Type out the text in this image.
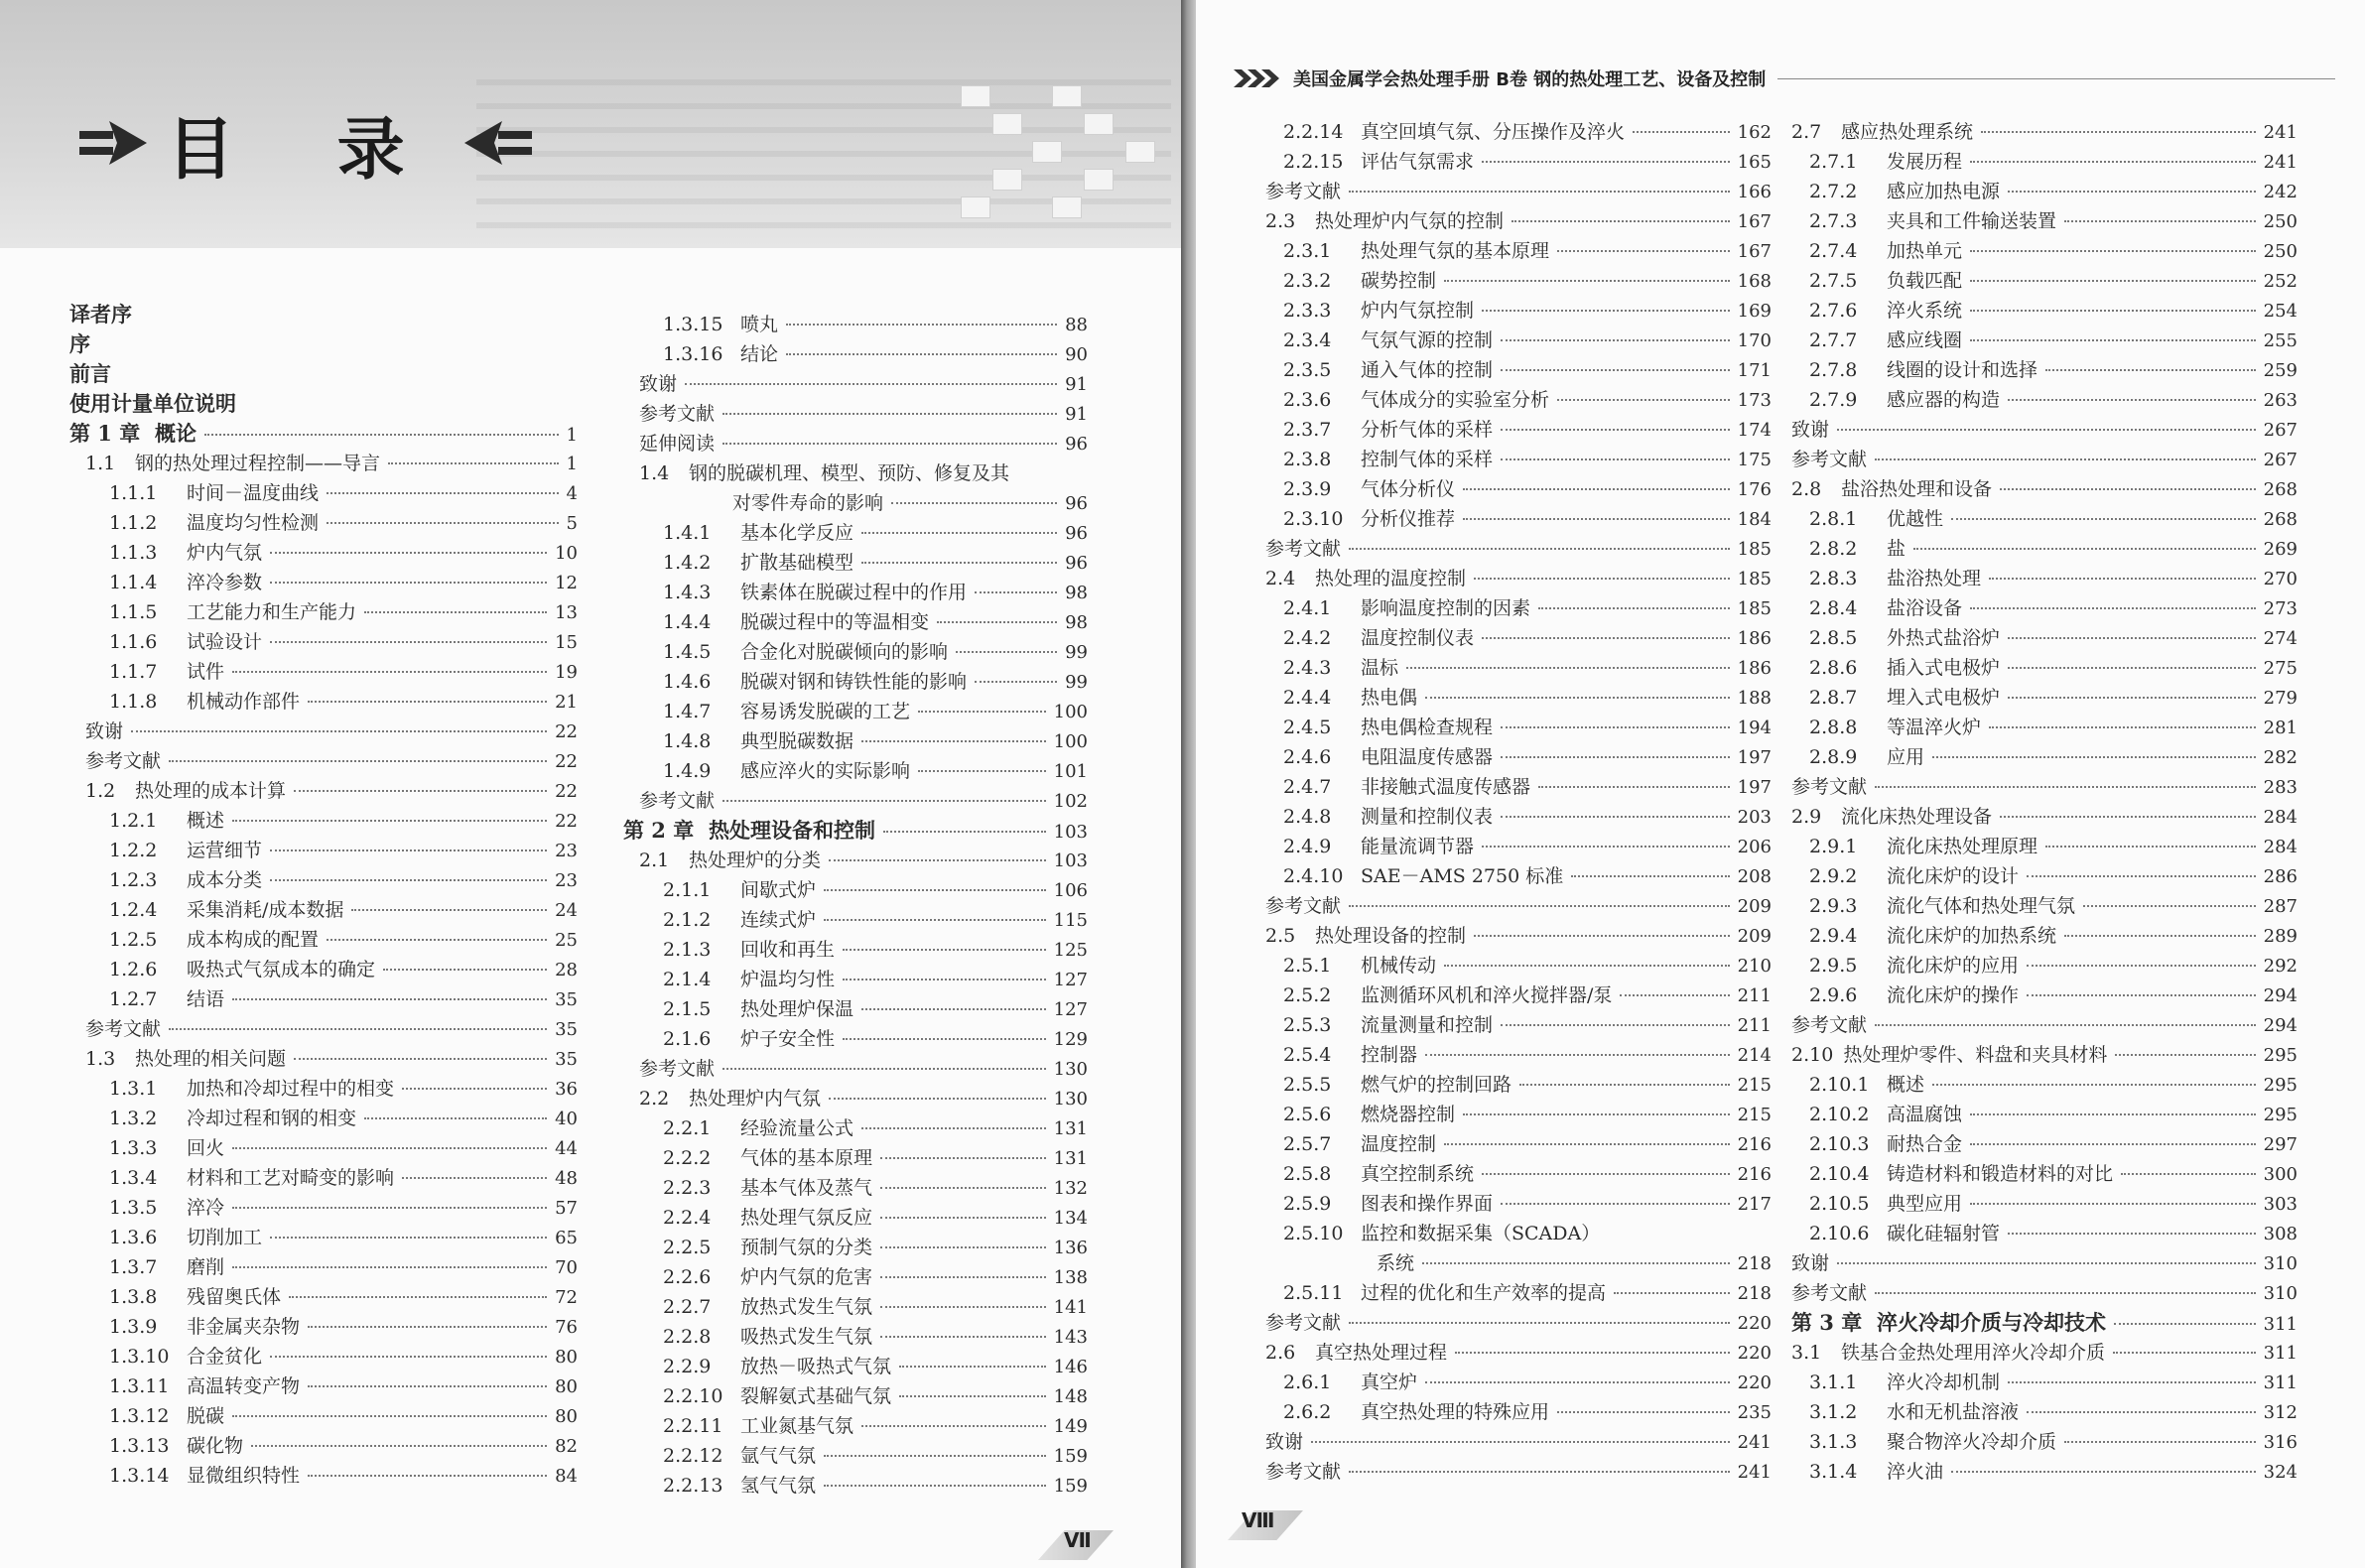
目 录
译者序
序
前言
使用计量单位说明
第 1 章 概论	1
1.1	钢的热处理过程控制——导言	1
1.1.1	时间－温度曲线	4
1.1.2	温度均匀性检测	5
1.1.3	炉内气氛	10
1.1.4	淬冷参数	12
1.1.5	工艺能力和生产能力	13
1.1.6	试验设计	15
1.1.7	试件	19
1.1.8	机械动作部件	21
致谢	22
参考文献	22
1.2	热处理的成本计算	22
1.2.1	概述	22
1.2.2	运营细节	23
1.2.3	成本分类	23
1.2.4	采集消耗/成本数据	24
1.2.5	成本构成的配置	25
1.2.6	吸热式气氛成本的确定	28
1.2.7	结语	35
参考文献	35
1.3	热处理的相关问题	35
1.3.1	加热和冷却过程中的相变	36
1.3.2	冷却过程和钢的相变	40
1.3.3	回火	44
1.3.4	材料和工艺对畸变的影响	48
1.3.5	淬冷	57
1.3.6	切削加工	65
1.3.7	磨削	70
1.3.8	残留奥氏体	72
1.3.9	非金属夹杂物	76
1.3.10 合金贫化	80
1.3.11 高温转变产物	80
1.3.12 脱碳	80
1.3.13 碳化物	82
1.3.14 显微组织特性	84
1.3.15 喷丸	88
1.3.16 结论	90
致谢	91
参考文献	91
延伸阅读	96
1.4	钢的脱碳机理、模型、预防、修复及其
对零件寿命的影响	96
1.4.1	基本化学反应	96
1.4.2	扩散基础模型	96
1.4.3	铁素体在脱碳过程中的作用	98
1.4.4	脱碳过程中的等温相变	98
1.4.5	合金化对脱碳倾向的影响	99
1.4.6	脱碳对钢和铸铁性能的影响	99
1.4.7	容易诱发脱碳的工艺	100
1.4.8	典型脱碳数据	100
1.4.9	感应淬火的实际影响	101
参考文献	102
第 2 章 热处理设备和控制	103
2.1	热处理炉的分类	103
2.1.1	间歇式炉	106
2.1.2	连续式炉	115
2.1.3	回收和再生	125
2.1.4	炉温均匀性	127
2.1.5	热处理炉保温	127
2.1.6	炉子安全性	129
参考文献	130
2.2	热处理炉内气氛	130
2.2.1	经验流量公式	131
2.2.2	气体的基本原理	131
2.2.3	基本气体及蒸气	132
2.2.4	热处理气氛反应	134
2.2.5	预制气氛的分类	136
2.2.6	炉内气氛的危害	138
2.2.7	放热式发生气氛	141
2.2.8	吸热式发生气氛	143
2.2.9	放热－吸热式气氛	146
2.2.10 裂解氨式基础气氛	148
2.2.11 工业氮基气氛	149
2.2.12 氩气气氛	159
2.2.13 氢气气氛	159
Ⅶ
美国金属学会热处理手册 B卷 钢的热处理工艺、设备及控制
2.2.14 真空回填气氛、分压操作及淬火	162
2.2.15 评估气氛需求	165
参考文献	166
2.3	热处理炉内气氛的控制	167
2.3.1	热处理气氛的基本原理	167
2.3.2	碳势控制	168
2.3.3	炉内气氛控制	169
2.3.4	气氛气源的控制	170
2.3.5	通入气体的控制	171
2.3.6	气体成分的实验室分析	173
2.3.7	分析气体的采样	174
2.3.8	控制气体的采样	175
2.3.9	气体分析仪	176
2.3.10 分析仪推荐	184
参考文献	185
2.4	热处理的温度控制	185
2.4.1	影响温度控制的因素	185
2.4.2	温度控制仪表	186
2.4.3	温标	186
2.4.4	热电偶	188
2.4.5	热电偶检查规程	194
2.4.6	电阻温度传感器	197
2.4.7	非接触式温度传感器	197
2.4.8	测量和控制仪表	203
2.4.9	能量流调节器	206
2.4.10 SAE－AMS 2750 标准	208
参考文献	209
2.5	热处理设备的控制	209
2.5.1	机械传动	210
2.5.2	监测循环风机和淬火搅拌器/泵	211
2.5.3	流量测量和控制	211
2.5.4	控制器	214
2.5.5	燃气炉的控制回路	215
2.5.6	燃烧器控制	215
2.5.7	温度控制	216
2.5.8	真空控制系统	216
2.5.9	图表和操作界面	217
2.5.10 监控和数据采集（SCADA）
系统	218
2.5.11 过程的优化和生产效率的提高	218
参考文献	220
2.6	真空热处理过程	220
2.6.1	真空炉	220
2.6.2	真空热处理的特殊应用	235
致谢	241
参考文献	241
2.7	感应热处理系统	241
2.7.1	发展历程	241
2.7.2	感应加热电源	242
2.7.3	夹具和工件输送装置	250
2.7.4	加热单元	250
2.7.5	负载匹配	252
2.7.6	淬火系统	254
2.7.7	感应线圈	255
2.7.8	线圈的设计和选择	259
2.7.9	感应器的构造	263
致谢	267
参考文献	267
2.8	盐浴热处理和设备	268
2.8.1	优越性	268
2.8.2	盐	269
2.8.3	盐浴热处理	270
2.8.4	盐浴设备	273
2.8.5	外热式盐浴炉	274
2.8.6	插入式电极炉	275
2.8.7	埋入式电极炉	279
2.8.8	等温淬火炉	281
2.8.9	应用	282
参考文献	283
2.9	流化床热处理设备	284
2.9.1	流化床热处理原理	284
2.9.2	流化床炉的设计	286
2.9.3	流化气体和热处理气氛	287
2.9.4	流化床炉的加热系统	289
2.9.5	流化床炉的应用	292
2.9.6	流化床炉的操作	294
参考文献	294
2.10 热处理炉零件、料盘和夹具材料	295
2.10.1 概述	295
2.10.2 高温腐蚀	295
2.10.3 耐热合金	297
2.10.4 铸造材料和锻造材料的对比	300
2.10.5 典型应用	303
2.10.6 碳化硅辐射管	308
致谢	310
参考文献	310
第 3 章 淬火冷却介质与冷却技术	311
3.1	铁基合金热处理用淬火冷却介质	311
3.1.1	淬火冷却机制	311
3.1.2	水和无机盐溶液	312
3.1.3	聚合物淬火冷却介质	316
3.1.4	淬火油	324
Ⅷ
